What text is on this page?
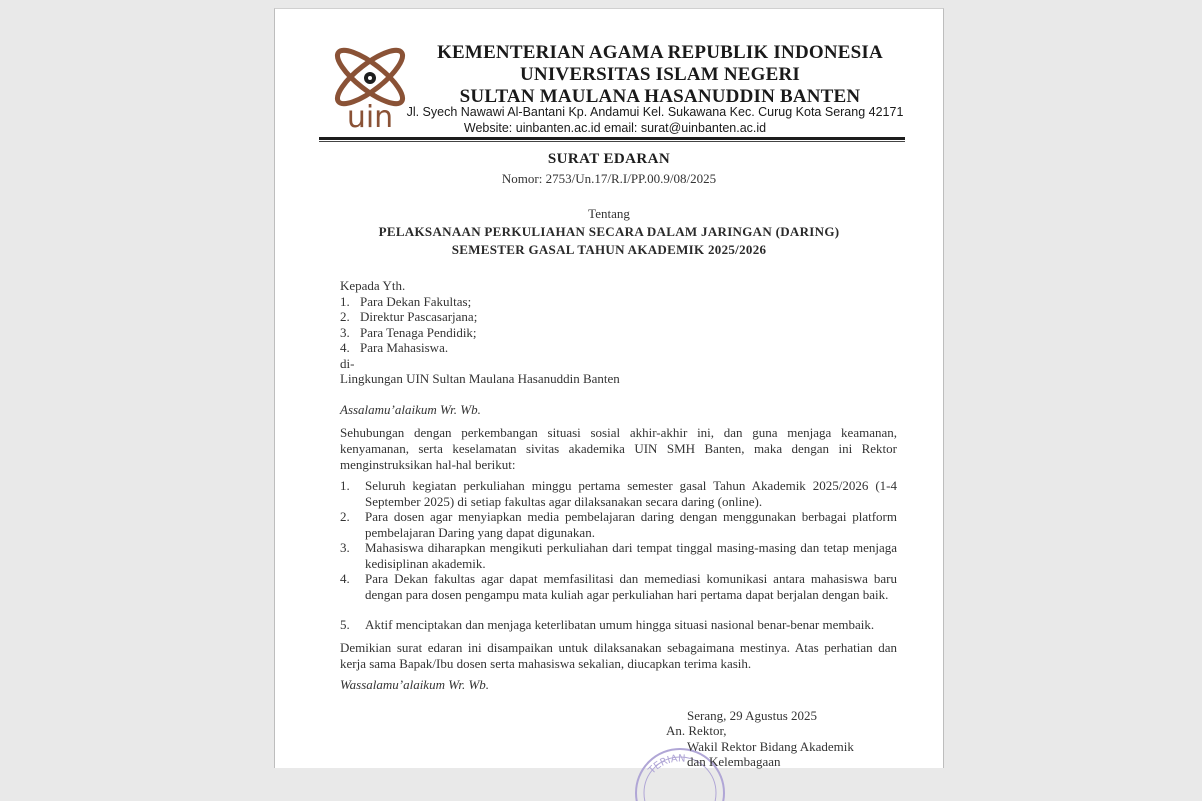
uin
KEMENTERIAN AGAMA REPUBLIK INDONESIA
UNIVERSITAS ISLAM NEGERI
SULTAN MAULANA HASANUDDIN BANTEN
Jl. Syech Nawawi Al-Bantani Kp. Andamui Kel. Sukawana Kec. Curug Kota Serang 42171
Website: uinbanten.ac.id email: surat@uinbanten.ac.id
SURAT EDARAN
Nomor: 2753/Un.17/R.I/PP.00.9/08/2025
Tentang
PELAKSANAAN PERKULIAHAN SECARA DALAM JARINGAN (DARING)
SEMESTER GASAL TAHUN AKADEMIK 2025/2026
Kepada Yth.
1. Para Dekan Fakultas;
2. Direktur Pascasarjana;
3. Para Tenaga Pendidik;
4. Para Mahasiswa.
di-
Lingkungan UIN Sultan Maulana Hasanuddin Banten
Assalamu’alaikum Wr. Wb.
Sehubungan dengan perkembangan situasi sosial akhir-akhir ini, dan guna menjaga keamanan, kenyamanan, serta keselamatan sivitas akademika UIN SMH Banten, maka dengan ini Rektor menginstruksikan hal-hal berikut:
1.	Seluruh kegiatan perkuliahan minggu pertama semester gasal Tahun Akademik 2025/2026 (1-4 September 2025) di setiap fakultas agar dilaksanakan secara daring (online).
2.	Para dosen agar menyiapkan media pembelajaran daring dengan menggunakan berbagai platform pembelajaran Daring yang dapat digunakan.
3.	Mahasiswa diharapkan mengikuti perkuliahan dari tempat tinggal masing-masing dan tetap menjaga kedisiplinan akademik.
4.	Para Dekan fakultas agar dapat memfasilitasi dan memediasi komunikasi antara mahasiswa baru dengan para dosen pengampu mata kuliah agar perkuliahan hari pertama dapat berjalan dengan baik.
5.	Aktif menciptakan dan menjaga keterlibatan umum hingga situasi nasional benar-benar membaik.
Demikian surat edaran ini disampaikan untuk dilaksanakan sebagaimana mestinya. Atas perhatian dan kerja sama Bapak/Ibu dosen serta mahasiswa sekalian, diucapkan terima kasih.
Wassalamu’alaikum Wr. Wb.
TERIAN
Serang, 29 Agustus 2025
An. Rektor,
Wakil Rektor Bidang Akademik
dan Kelembagaan
